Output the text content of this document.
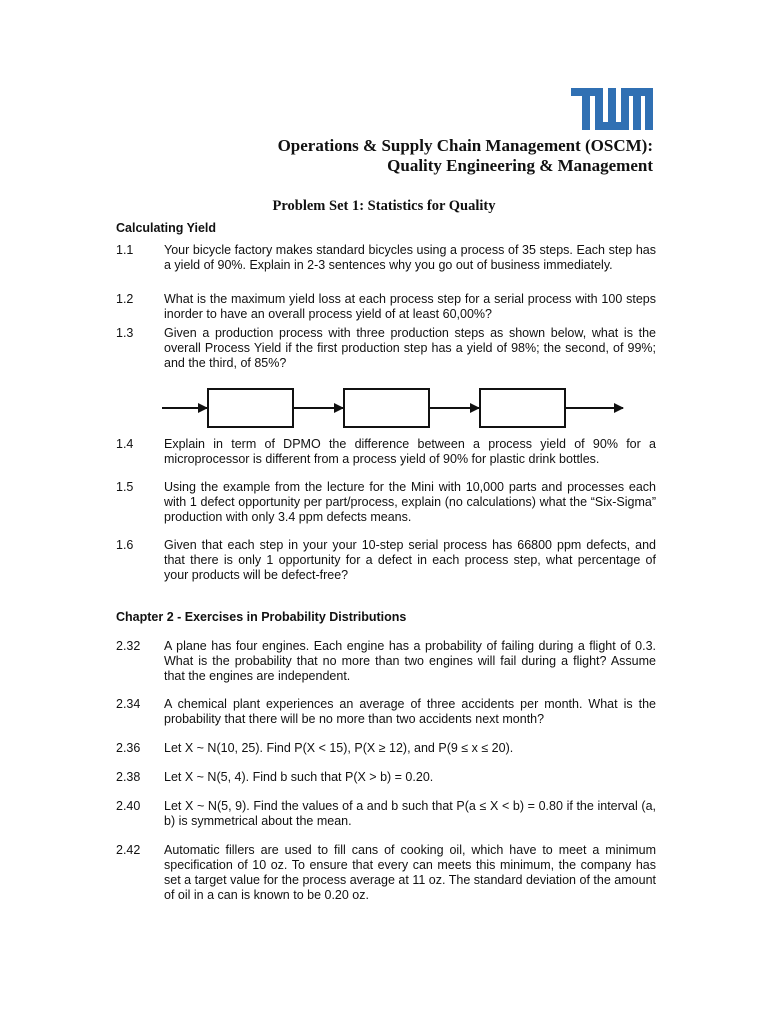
Operations & Supply Chain Management (OSCM):
Quality Engineering & Management
Problem Set 1: Statistics for Quality
Calculating Yield
1.1 Your bicycle factory makes standard bicycles using a process of 35 steps. Each step has a yield of 90%. Explain in 2-3 sentences why you go out of business immediately.
1.2 What is the maximum yield loss at each process step for a serial process with 100 steps inorder to have an overall process yield of at least 60,00%?
1.3 Given a production process with three production steps as shown below, what is the overall Process Yield if the first production step has a yield of 98%; the second, of 99%; and the third, of 85%?
1.4 Explain in term of DPMO the difference between a process yield of 90% for a microprocessor is different from a process yield of 90% for plastic drink bottles.
1.5 Using the example from the lecture for the Mini with 10,000 parts and processes each with 1 defect opportunity per part/process, explain (no calculations) what the “Six-Sigma” production with only 3.4 ppm defects means.
1.6 Given that each step in your your 10-step serial process has 66800 ppm defects, and that there is only 1 opportunity for a defect in each process step, what percentage of your products will be defect-free?
Chapter 2 - Exercises in Probability Distributions
2.32 A plane has four engines. Each engine has a probability of failing during a flight of 0.3. What is the probability that no more than two engines will fail during a flight? Assume that the engines are independent.
2.34 A chemical plant experiences an average of three accidents per month. What is the probability that there will be no more than two accidents next month?
2.36 Let X ~ N(10, 25). Find P(X < 15), P(X ≥ 12), and P(9 ≤ x ≤ 20).
2.38 Let X ~ N(5, 4). Find b such that P(X > b) = 0.20.
2.40 Let X ~ N(5, 9). Find the values of a and b such that P(a ≤ X < b) = 0.80 if the interval (a, b) is symmetrical about the mean.
2.42 Automatic fillers are used to fill cans of cooking oil, which have to meet a minimum specification of 10 oz. To ensure that every can meets this minimum, the company has set a target value for the process average at 11 oz. The standard deviation of the amount of oil in a can is known to be 0.20 oz.
